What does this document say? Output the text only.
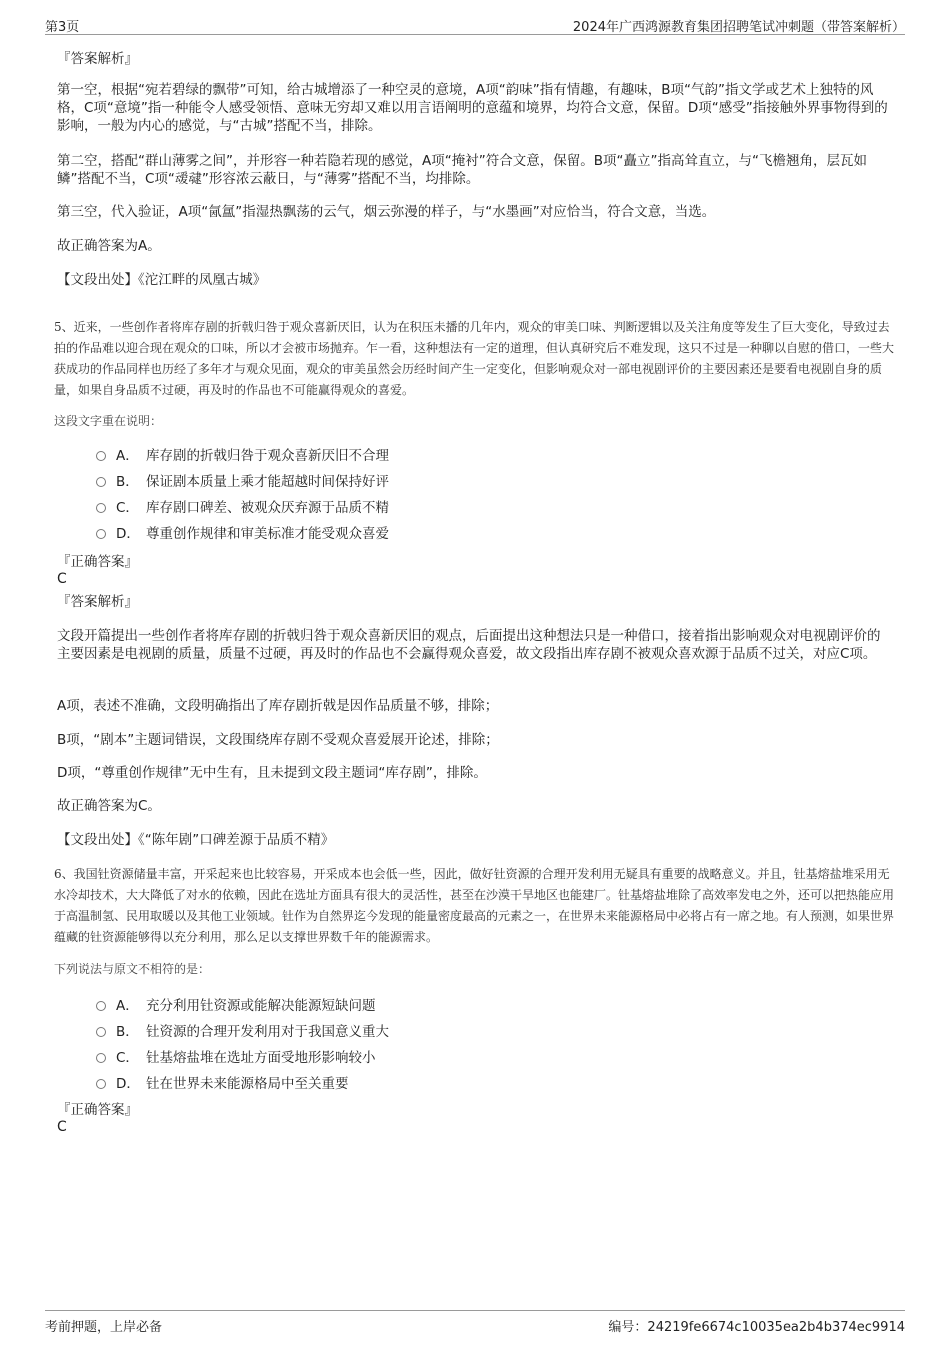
第3页	2024年广西鸿源教育集团招聘笔试冲刺题（带答案解析）

『答案解析』

第一空，根据“宛若碧绿的飘带”可知，给古城增添了一种空灵的意境，A项“韵味”指有情趣，有趣味，B项“气韵”指文学或艺术上独特的风格，C项“意境”指一种能令人感受领悟、意味无穷却又难以用言语阐明的意蕴和境界，均符合文意，保留。D项“感受”指接触外界事物得到的影响，一般为内心的感觉，与“古城”搭配不当，排除。

第二空，搭配“群山薄雾之间”，并形容一种若隐若现的感觉，A项“掩衬”符合文意，保留。B项“矗立”指高耸直立，与“飞檐翘角，层瓦如鳞”搭配不当，C项“叆叇”形容浓云蔽日，与“薄雾”搭配不当，均排除。

第三空，代入验证，A项“氤氲”指湿热飘荡的云气，烟云弥漫的样子，与“水墨画”对应恰当，符合文意，当选。

故正确答案为A。

【文段出处】《沱江畔的凤凰古城》

5、近来，一些创作者将库存剧的折戟归咎于观众喜新厌旧，认为在积压未播的几年内，观众的审美口味、判断逻辑以及关注角度等发生了巨大变化，导致过去拍的作品难以迎合现在观众的口味，所以才会被市场抛弃。乍一看，这种想法有一定的道理，但认真研究后不难发现，这只不过是一种聊以自慰的借口，一些大获成功的作品同样也历经了多年才与观众见面，观众的审美虽然会历经时间产生一定变化，但影响观众对一部电视剧评价的主要因素还是要看电视剧自身的质量，如果自身品质不过硬，再及时的作品也不可能赢得观众的喜爱。

这段文字重在说明：

A． 库存剧的折戟归咎于观众喜新厌旧不合理
B． 保证剧本质量上乘才能超越时间保持好评
C． 库存剧口碑差、被观众厌弃源于品质不精
D． 尊重创作规律和审美标准才能受观众喜爱

『正确答案』

C

『答案解析』

文段开篇提出一些创作者将库存剧的折戟归咎于观众喜新厌旧的观点，后面提出这种想法只是一种借口，接着指出影响观众对电视剧评价的主要因素是电视剧的质量，质量不过硬，再及时的作品也不会赢得观众喜爱，故文段指出库存剧不被观众喜欢源于品质不过关，对应C项。

A项，表述不准确，文段明确指出了库存剧折戟是因作品质量不够，排除；

B项，“剧本”主题词错误，文段围绕库存剧不受观众喜爱展开论述，排除；

D项，“尊重创作规律”无中生有，且未提到文段主题词“库存剧”，排除。

故正确答案为C。

【文段出处】《“陈年剧”口碑差源于品质不精》

6、我国钍资源储量丰富，开采起来也比较容易，开采成本也会低一些，因此，做好钍资源的合理开发利用无疑具有重要的战略意义。并且，钍基熔盐堆采用无水冷却技术，大大降低了对水的依赖，因此在选址方面具有很大的灵活性，甚至在沙漠干旱地区也能建厂。钍基熔盐堆除了高效率发电之外，还可以把热能应用于高温制氢、民用取暖以及其他工业领域。钍作为自然界迄今发现的能量密度最高的元素之一，在世界未来能源格局中必将占有一席之地。有人预测，如果世界蕴藏的钍资源能够得以充分利用，那么足以支撑世界数千年的能源需求。

下列说法与原文不相符的是：

A． 充分利用钍资源或能解决能源短缺问题
B． 钍资源的合理开发利用对于我国意义重大
C． 钍基熔盐堆在选址方面受地形影响较小
D． 钍在世界未来能源格局中至关重要

『正确答案』

C
考前押题，上岸必备	编号：24219fe6674c10035ea2b4b374ec9914
